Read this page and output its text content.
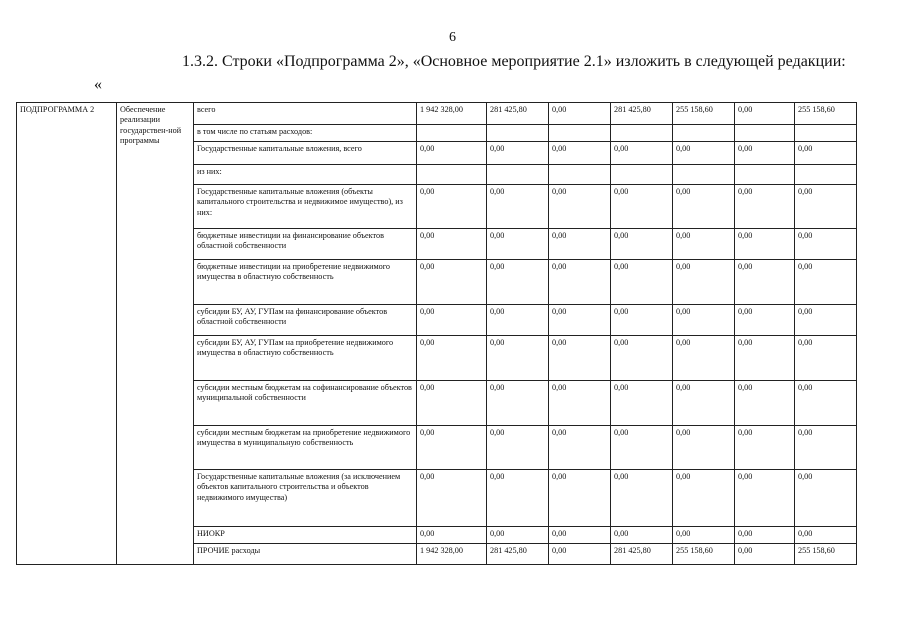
6
1.3.2. Строки «Подпрограмма 2», «Основное мероприятие 2.1» изложить в следующей редакции:
«
ПОДПРОГРАММА 2	Обеспечение реализации государствен-ной программы	всего	1 942 328,00	281 425,80	0,00	281 425,80	255 158,60	0,00	255 158,60
		в том числе по статьям расходов:							
		Государственные капитальные вложения, всего	0,00	0,00	0,00	0,00	0,00	0,00	0,00
		из них:							
		Государственные капитальные вложения (объекты капитального строительства и недвижимое имущество), из них:	0,00	0,00	0,00	0,00	0,00	0,00	0,00
		бюджетные инвестиции на финансирование объектов областной собственности	0,00	0,00	0,00	0,00	0,00	0,00	0,00
		бюджетные инвестиции на приобретение недвижимого имущества в областную собственность	0,00	0,00	0,00	0,00	0,00	0,00	0,00
		субсидии БУ, АУ, ГУПам на финансирование объектов областной собственности	0,00	0,00	0,00	0,00	0,00	0,00	0,00
		субсидии БУ, АУ, ГУПам на приобретение недвижимого имущества в областную собственность	0,00	0,00	0,00	0,00	0,00	0,00	0,00
		субсидии местным бюджетам на софинансирование объектов муниципальной собственности	0,00	0,00	0,00	0,00	0,00	0,00	0,00
		субсидии местным бюджетам на приобретение недвижимого имущества в муниципальную собственность	0,00	0,00	0,00	0,00	0,00	0,00	0,00
		Государственные капитальные вложения (за исключением объектов капитального строительства и объектов недвижимого имущества)	0,00	0,00	0,00	0,00	0,00	0,00	0,00
		НИОКР	0,00	0,00	0,00	0,00	0,00	0,00	0,00
		ПРОЧИЕ расходы	1 942 328,00	281 425,80	0,00	281 425,80	255 158,60	0,00	255 158,60
